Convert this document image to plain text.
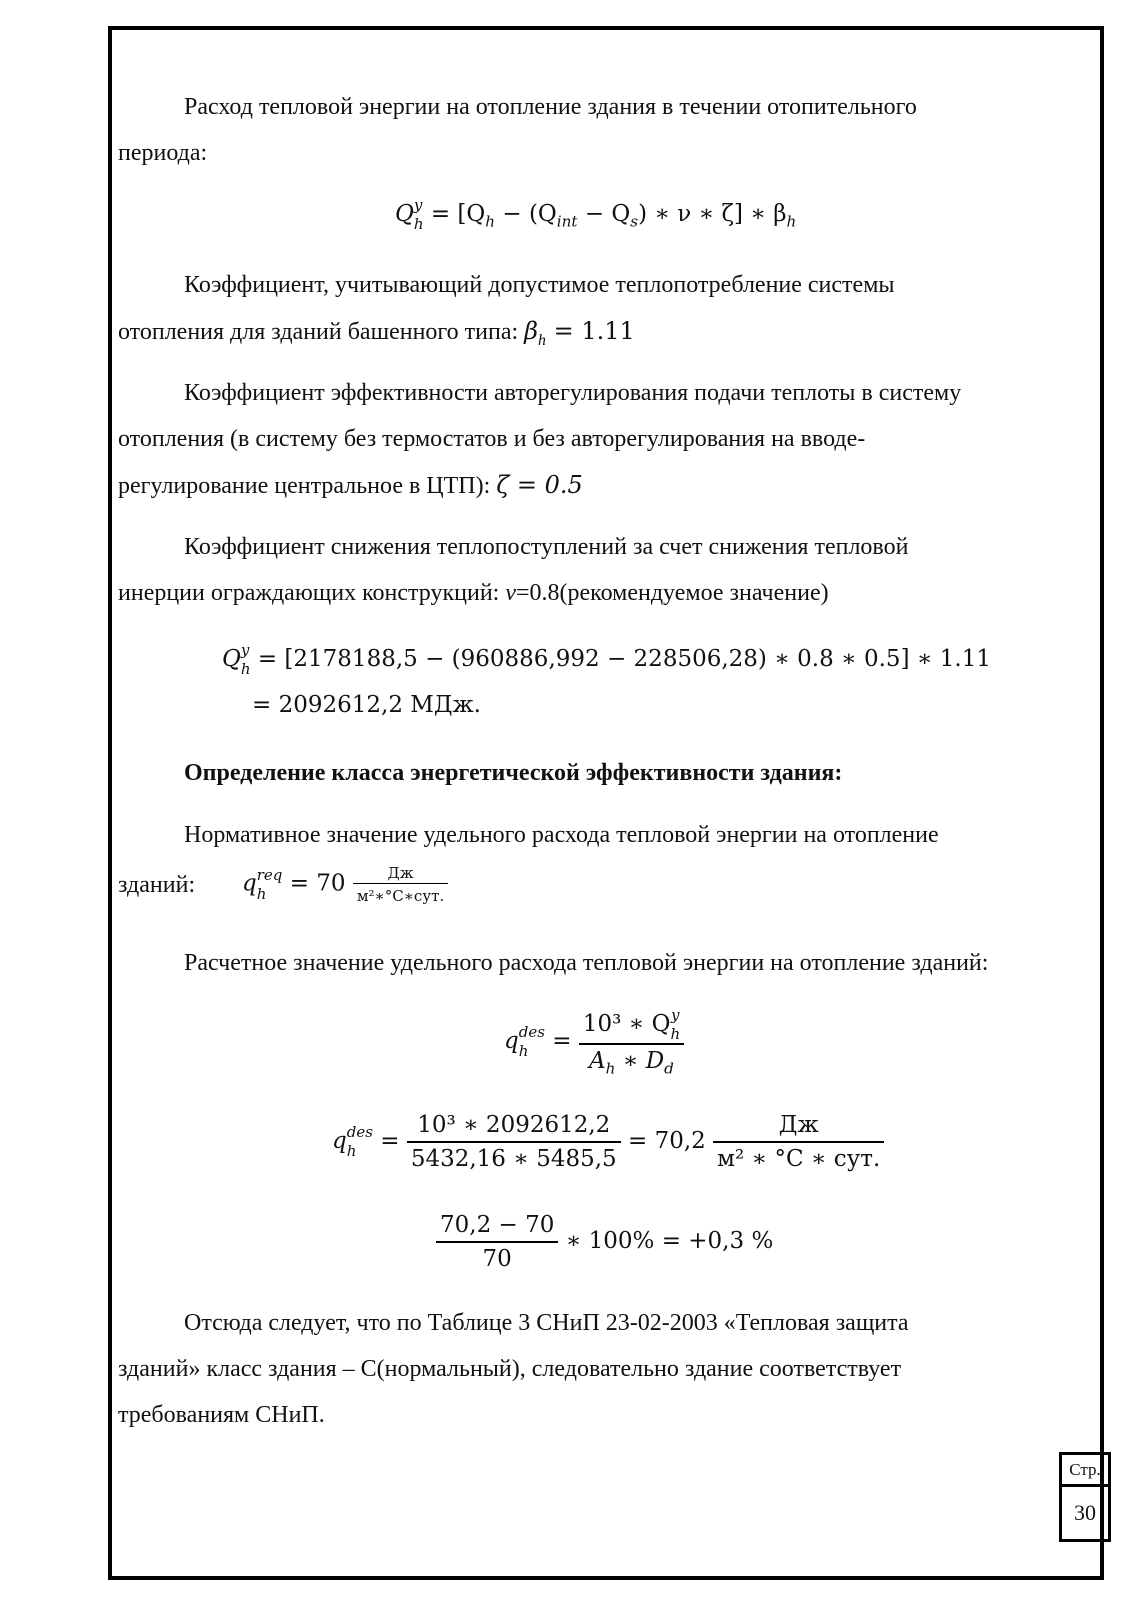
Расход тепловой энергии на отопление здания в течении отопительного

периода:

Q y
$h = [Q_h - (Q_{int} - Q_s)$ ∗ ν ∗ ζ] ∗ $\beta_h$

Коэффициент, учитывающий допустимое теплопотребление системы

отопления для зданий башенного типа: $\beta_h = 1.11$

Коэффициент эффективности авторегулирования подачи теплоты в систему

отопления (в систему без термостатов и без авторегулирования на вводе-

регулирование центральное в ЦТП): ζ = 0.5

Коэффициент снижения теплопоступлений за счет снижения тепловой

инерции ограждающих конструкций: ν=0.8(рекомендуемое значение)

Q y
h = [2178188,5 − (960886,992 − 228506,28) ∗ 0.8 ∗ 0.5] ∗ 1.11
= 2092612,2 МДж.

Определение класса энергетической эффективности здания:

Нормативное значение удельного расхода тепловой энергии на отопление

зданий: q req
h	= $70 \frac{Дж}{\text{м²∗°С∗сут.}}$

Расчетное значение удельного расхода тепловой энергии на отопление зданий:

q des
h	= 10³ ∗ Q y
h
$A_h$ ∗ $D_d$
q des
h	= $\frac{\text{10³ ∗ 2092612,2}}{5432,16 ∗ 5485,5} = 70,2 \frac{Дж}{\text{м² ∗ °С ∗ сут.}}$
$\frac{70,2 - 70}{70}$ ∗ 100% = +0,3 %

Отсюда следует, что по Таблице 3 СНиП 23-02-2003 «Тепловая защита

зданий» класс здания – С(нормальный), следовательно здание соответствует

требованиям СНиП.

Стр.
30
